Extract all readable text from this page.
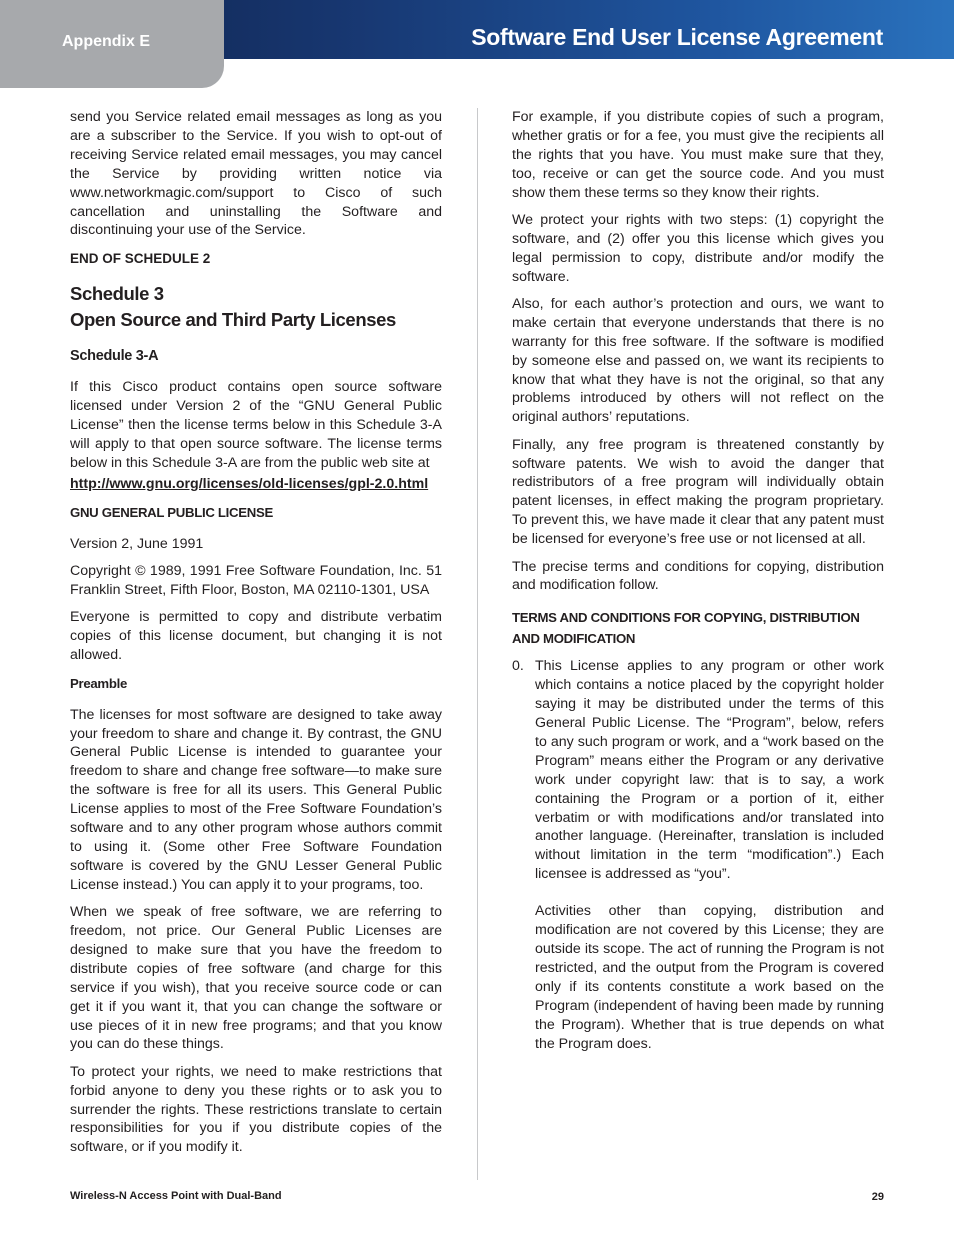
Appendix E	Software End User License Agreement

send you Service related email messages as long as you are a subscriber to the Service. If you wish to opt-out of receiving Service related email messages, you may cancel the Service by providing written notice via www.networkmagic.com/support to Cisco of such cancellation and uninstalling the Software and discontinuing your use of the Service.

END OF SCHEDULE 2
Schedule 3
Open Source and Third Party Licenses
Schedule 3-A

If this Cisco product contains open source software licensed under Version 2 of the “GNU General Public License” then the license terms below in this Schedule 3-A will apply to that open source software. The license terms below in this Schedule 3-A are from the public web site at

http://www.gnu.org/licenses/old-licenses/gpl-2.0.html

GNU GENERAL PUBLIC LICENSE

Version 2, June 1991

Copyright © 1989, 1991 Free Software Foundation, Inc. 51 Franklin Street, Fifth Floor, Boston, MA 02110-1301, USA

Everyone is permitted to copy and distribute verbatim copies of this license document, but changing it is not allowed.

Preamble

The licenses for most software are designed to take away your freedom to share and change it. By contrast, the GNU General Public License is intended to guarantee your freedom to share and change free software—to make sure the software is free for all its users. This General Public License applies to most of the Free Software Foundation’s software and to any other program whose authors commit to using it. (Some other Free Software Foundation software is covered by the GNU Lesser General Public License instead.) You can apply it to your programs, too.

When we speak of free software, we are referring to freedom, not price. Our General Public Licenses are designed to make sure that you have the freedom to distribute copies of free software (and charge for this service if you wish), that you receive source code or can get it if you want it, that you can change the software or use pieces of it in new free programs; and that you know you can do these things.

To protect your rights, we need to make restrictions that forbid anyone to deny you these rights or to ask you to surrender the rights. These restrictions translate to certain responsibilities for you if you distribute copies of the software, or if you modify it.

For example, if you distribute copies of such a program, whether gratis or for a fee, you must give the recipients all the rights that you have. You must make sure that they, too, receive or can get the source code. And you must show them these terms so they know their rights.

We protect your rights with two steps: (1) copyright the software, and (2) offer you this license which gives you legal permission to copy, distribute and/or modify the software.

Also, for each author’s protection and ours, we want to make certain that everyone understands that there is no warranty for this free software. If the software is modified by someone else and passed on, we want its recipients to know that what they have is not the original, so that any problems introduced by others will not reflect on the original authors’ reputations.

Finally, any free program is threatened constantly by software patents. We wish to avoid the danger that redistributors of a free program will individually obtain patent licenses, in effect making the program proprietary. To prevent this, we have made it clear that any patent must be licensed for everyone’s free use or not licensed at all.

The precise terms and conditions for copying, distribution and modification follow.

TERMS AND CONDITIONS FOR COPYING, DISTRIBUTION AND MODIFICATION
0. This License applies to any program or other work which contains a notice placed by the copyright holder saying it may be distributed under the terms of this General Public License. The “Program”, below, refers to any such program or work, and a “work based on the Program” means either the Program or any derivative work under copyright law: that is to say, a work containing the Program or a portion of it, either verbatim or with modifications and/or translated into another language. (Hereinafter, translation is included without limitation in the term “modification”.) Each licensee is addressed as “you”.

Activities other than copying, distribution and modification are not covered by this License; they are outside its scope. The act of running the Program is not restricted, and the output from the Program is covered only if its contents constitute a work based on the Program (independent of having been made by running the Program). Whether that is true depends on what the Program does.

Wireless-N Access Point with Dual-Band	29
